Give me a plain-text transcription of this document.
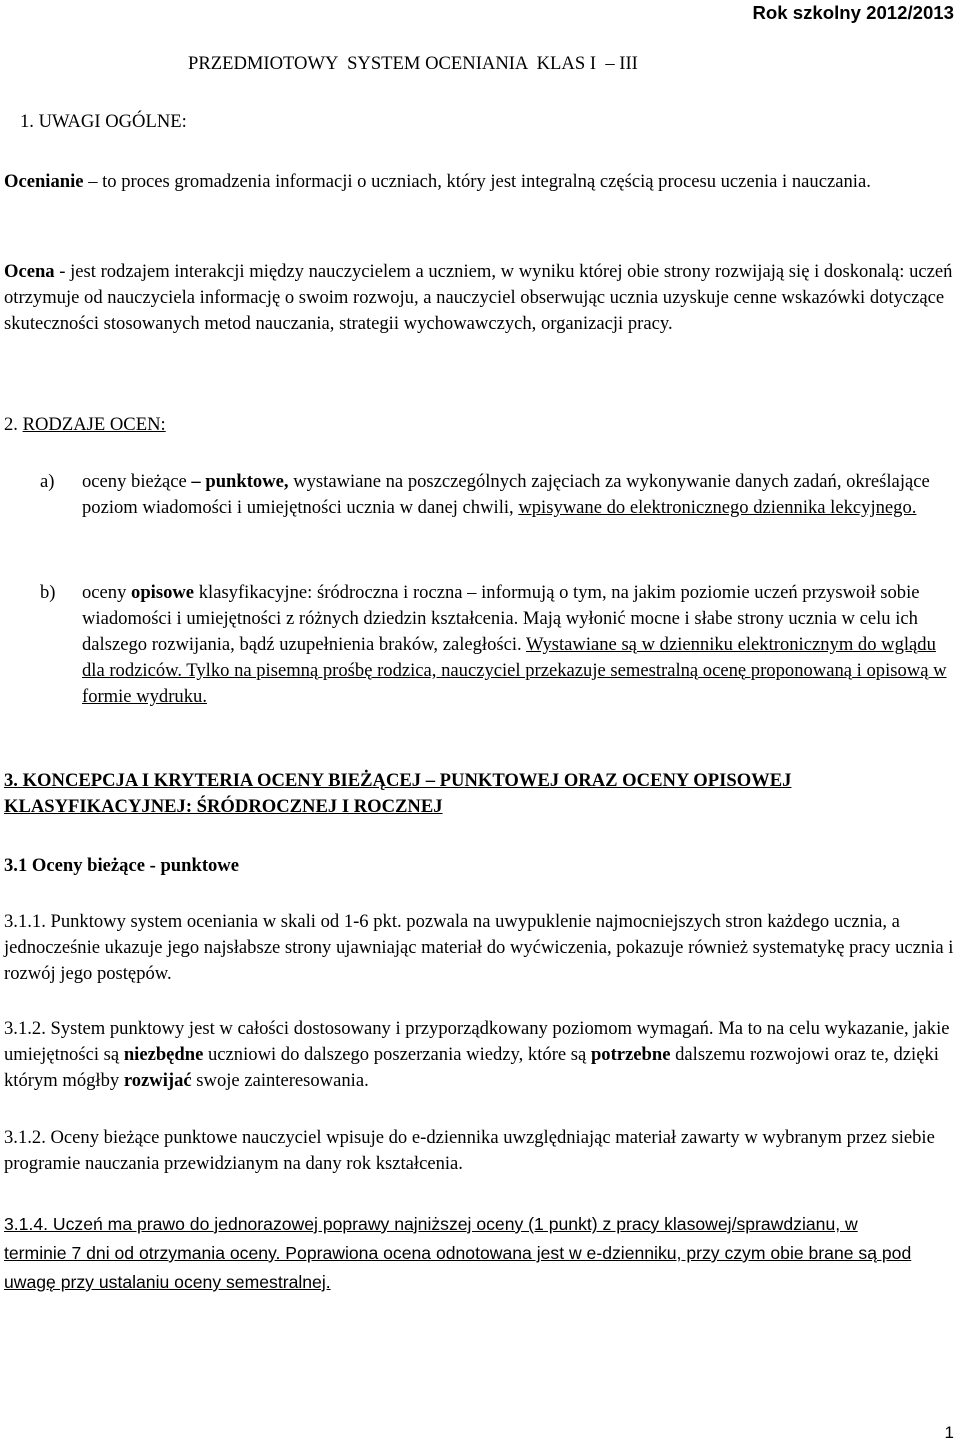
Rok szkolny 2012/2013
PRZEDMIOTOWY  SYSTEM OCENIANIA  KLAS I  – III
1. UWAGI OGÓLNE:
Ocenianie – to proces gromadzenia informacji o uczniach, który jest integralną częścią procesu uczenia i nauczania.
Ocena - jest rodzajem interakcji między nauczycielem a uczniem, w wyniku której obie strony rozwijają się i doskonalą: uczeń otrzymuje od nauczyciela informację o swoim rozwoju, a nauczyciel obserwując ucznia uzyskuje cenne wskazówki dotyczące skuteczności stosowanych metod nauczania, strategii wychowawczych, organizacji pracy.
2. RODZAJE OCEN:
a) oceny bieżące – punktowe, wystawiane na poszczególnych zajęciach za wykonywanie danych zadań, określające poziom wiadomości i umiejętności ucznia w danej chwili, wpisywane do elektronicznego dziennika lekcyjnego.
b) oceny opisowe klasyfikacyjne: śródroczna i roczna – informują o tym, na jakim poziomie uczeń przyswoił sobie wiadomości i umiejętności z różnych dziedzin kształcenia. Mają wyłonić mocne i słabe strony ucznia w celu ich dalszego rozwijania, bądź uzupełnienia braków, zaległości. Wystawiane są w dzienniku elektronicznym do wglądu dla rodziców. Tylko na pisemną prośbę rodzica, nauczyciel przekazuje semestralną ocenę proponowaną i opisową w formie wydruku.
3. KONCEPCJA I KRYTERIA OCENY BIEŻĄCEJ – PUNKTOWEJ ORAZ OCENY OPISOWEJ KLASYFIKACYJNEJ: ŚRÓDROCZNEJ I ROCZNEJ
3.1 Oceny bieżące - punktowe
3.1.1. Punktowy system oceniania w skali od 1-6 pkt. pozwala na uwypuklenie najmocniejszych stron każdego ucznia, a jednocześnie ukazuje jego najsłabsze strony ujawniając materiał do wyćwiczenia, pokazuje również systematykę pracy ucznia i rozwój jego postępów.
3.1.2. System punktowy jest w całości dostosowany i przyporządkowany poziomom wymagań. Ma to na celu wykazanie, jakie umiejętności są niezbędne uczniowi do dalszego poszerzania wiedzy, które są potrzebne dalszemu rozwojowi oraz te, dzięki którym mógłby rozwijać swoje zainteresowania.
3.1.2. Oceny bieżące punktowe nauczyciel wpisuje do e-dziennika uwzględniając materiał zawarty w wybranym przez siebie programie nauczania przewidzianym na dany rok kształcenia.
3.1.4. Uczeń ma prawo do jednorazowej poprawy najniższej oceny (1 punkt) z pracy klasowej/sprawdzianu, w terminie 7 dni od otrzymania oceny. Poprawiona ocena odnotowana jest w e-dzienniku, przy czym obie brane są pod uwagę przy ustalaniu oceny semestralnej.
1
